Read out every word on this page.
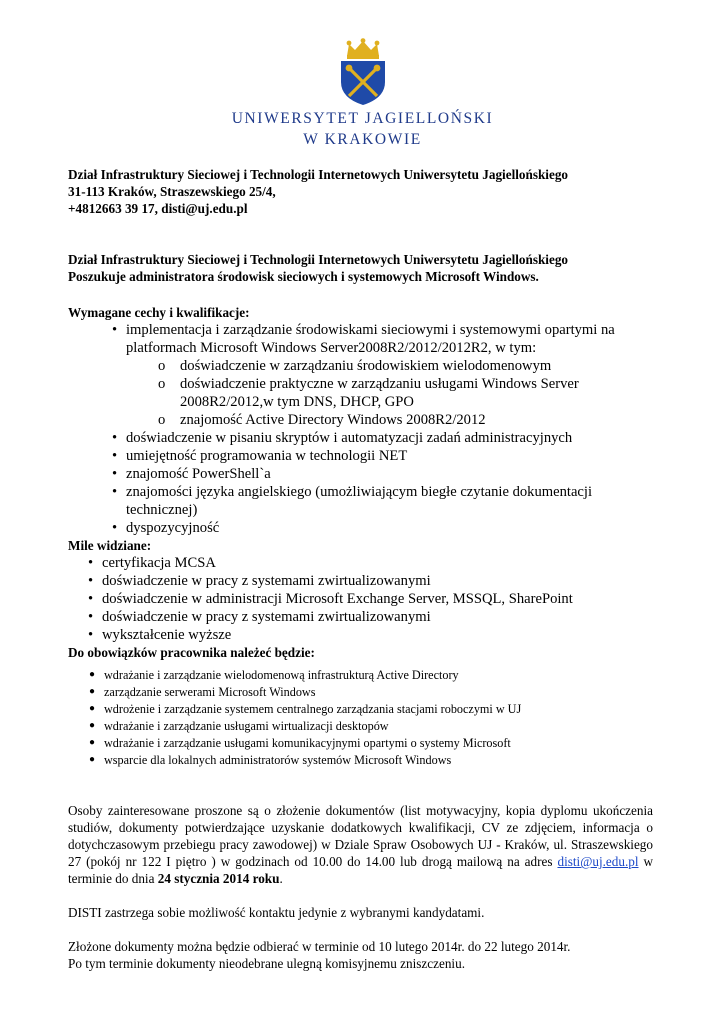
UNIWERSYTET JAGIELLOŃSKI
W KRAKOWIE
Dział Infrastruktury Sieciowej i Technologii Internetowych Uniwersytetu Jagiellońskiego
31-113 Kraków, Straszewskiego 25/4,
+4812663 39 17, disti@uj.edu.pl
Dział Infrastruktury Sieciowej i Technologii Internetowych Uniwersytetu Jagiellońskiego
Poszukuje administratora środowisk sieciowych i systemowych Microsoft Windows.
Wymagane cechy i kwalifikacje:
• implementacja i zarządzanie środowiskami sieciowymi i systemowymi opartymi na platformach Microsoft Windows Server2008R2/2012/2012R2, w tym:
o doświadczenie w zarządzaniu środowiskiem wielodomenowym
o doświadczenie praktyczne w zarządzaniu usługami Windows Server 2008R2/2012,w tym DNS, DHCP, GPO
o znajomość Active Directory Windows 2008R2/2012
• doświadczenie w pisaniu skryptów i automatyzacji zadań administracyjnych
• umiejętność programowania w technologii NET
• znajomość PowerShell`a
• znajomości języka angielskiego (umożliwiającym biegłe czytanie dokumentacji technicznej)
• dyspozycyjność
Mile widziane:
• certyfikacja MCSA
• doświadczenie w pracy z systemami zwirtualizowanymi
• doświadczenie w administracji Microsoft Exchange Server, MSSQL, SharePoint
• doświadczenie w pracy z systemami zwirtualizowanymi
• wykształcenie wyższe
Do obowiązków pracownika należeć będzie:
● wdrażanie i zarządzanie wielodomenową infrastrukturą Active Directory
● zarządzanie serwerami Microsoft Windows
● wdrożenie i zarządzanie systemem centralnego zarządzania stacjami roboczymi w UJ
● wdrażanie i zarządzanie usługami wirtualizacji desktopów
● wdrażanie i zarządzanie usługami komunikacyjnymi opartymi o systemy Microsoft
● wsparcie dla lokalnych administratorów systemów Microsoft Windows

Osoby zainteresowane proszone są o złożenie dokumentów (list motywacyjny, kopia dyplomu ukończenia studiów, dokumenty potwierdzające uzyskanie dodatkowych kwalifikacji, CV ze zdjęciem, informacja o dotychczasowym przebiegu pracy zawodowej) w Dziale Spraw Osobowych UJ - Kraków, ul. Straszewskiego 27 (pokój nr 122 I piętro ) w godzinach od 10.00 do 14.00 lub drogą mailową na adres disti@uj.edu.pl w terminie do dnia 24 stycznia 2014 roku.

DISTI zastrzega sobie możliwość kontaktu jedynie z wybranymi kandydatami.

Złożone dokumenty można będzie odbierać w terminie od 10 lutego 2014r. do 22 lutego 2014r.
Po tym terminie dokumenty nieodebrane ulegną komisyjnemu zniszczeniu.
